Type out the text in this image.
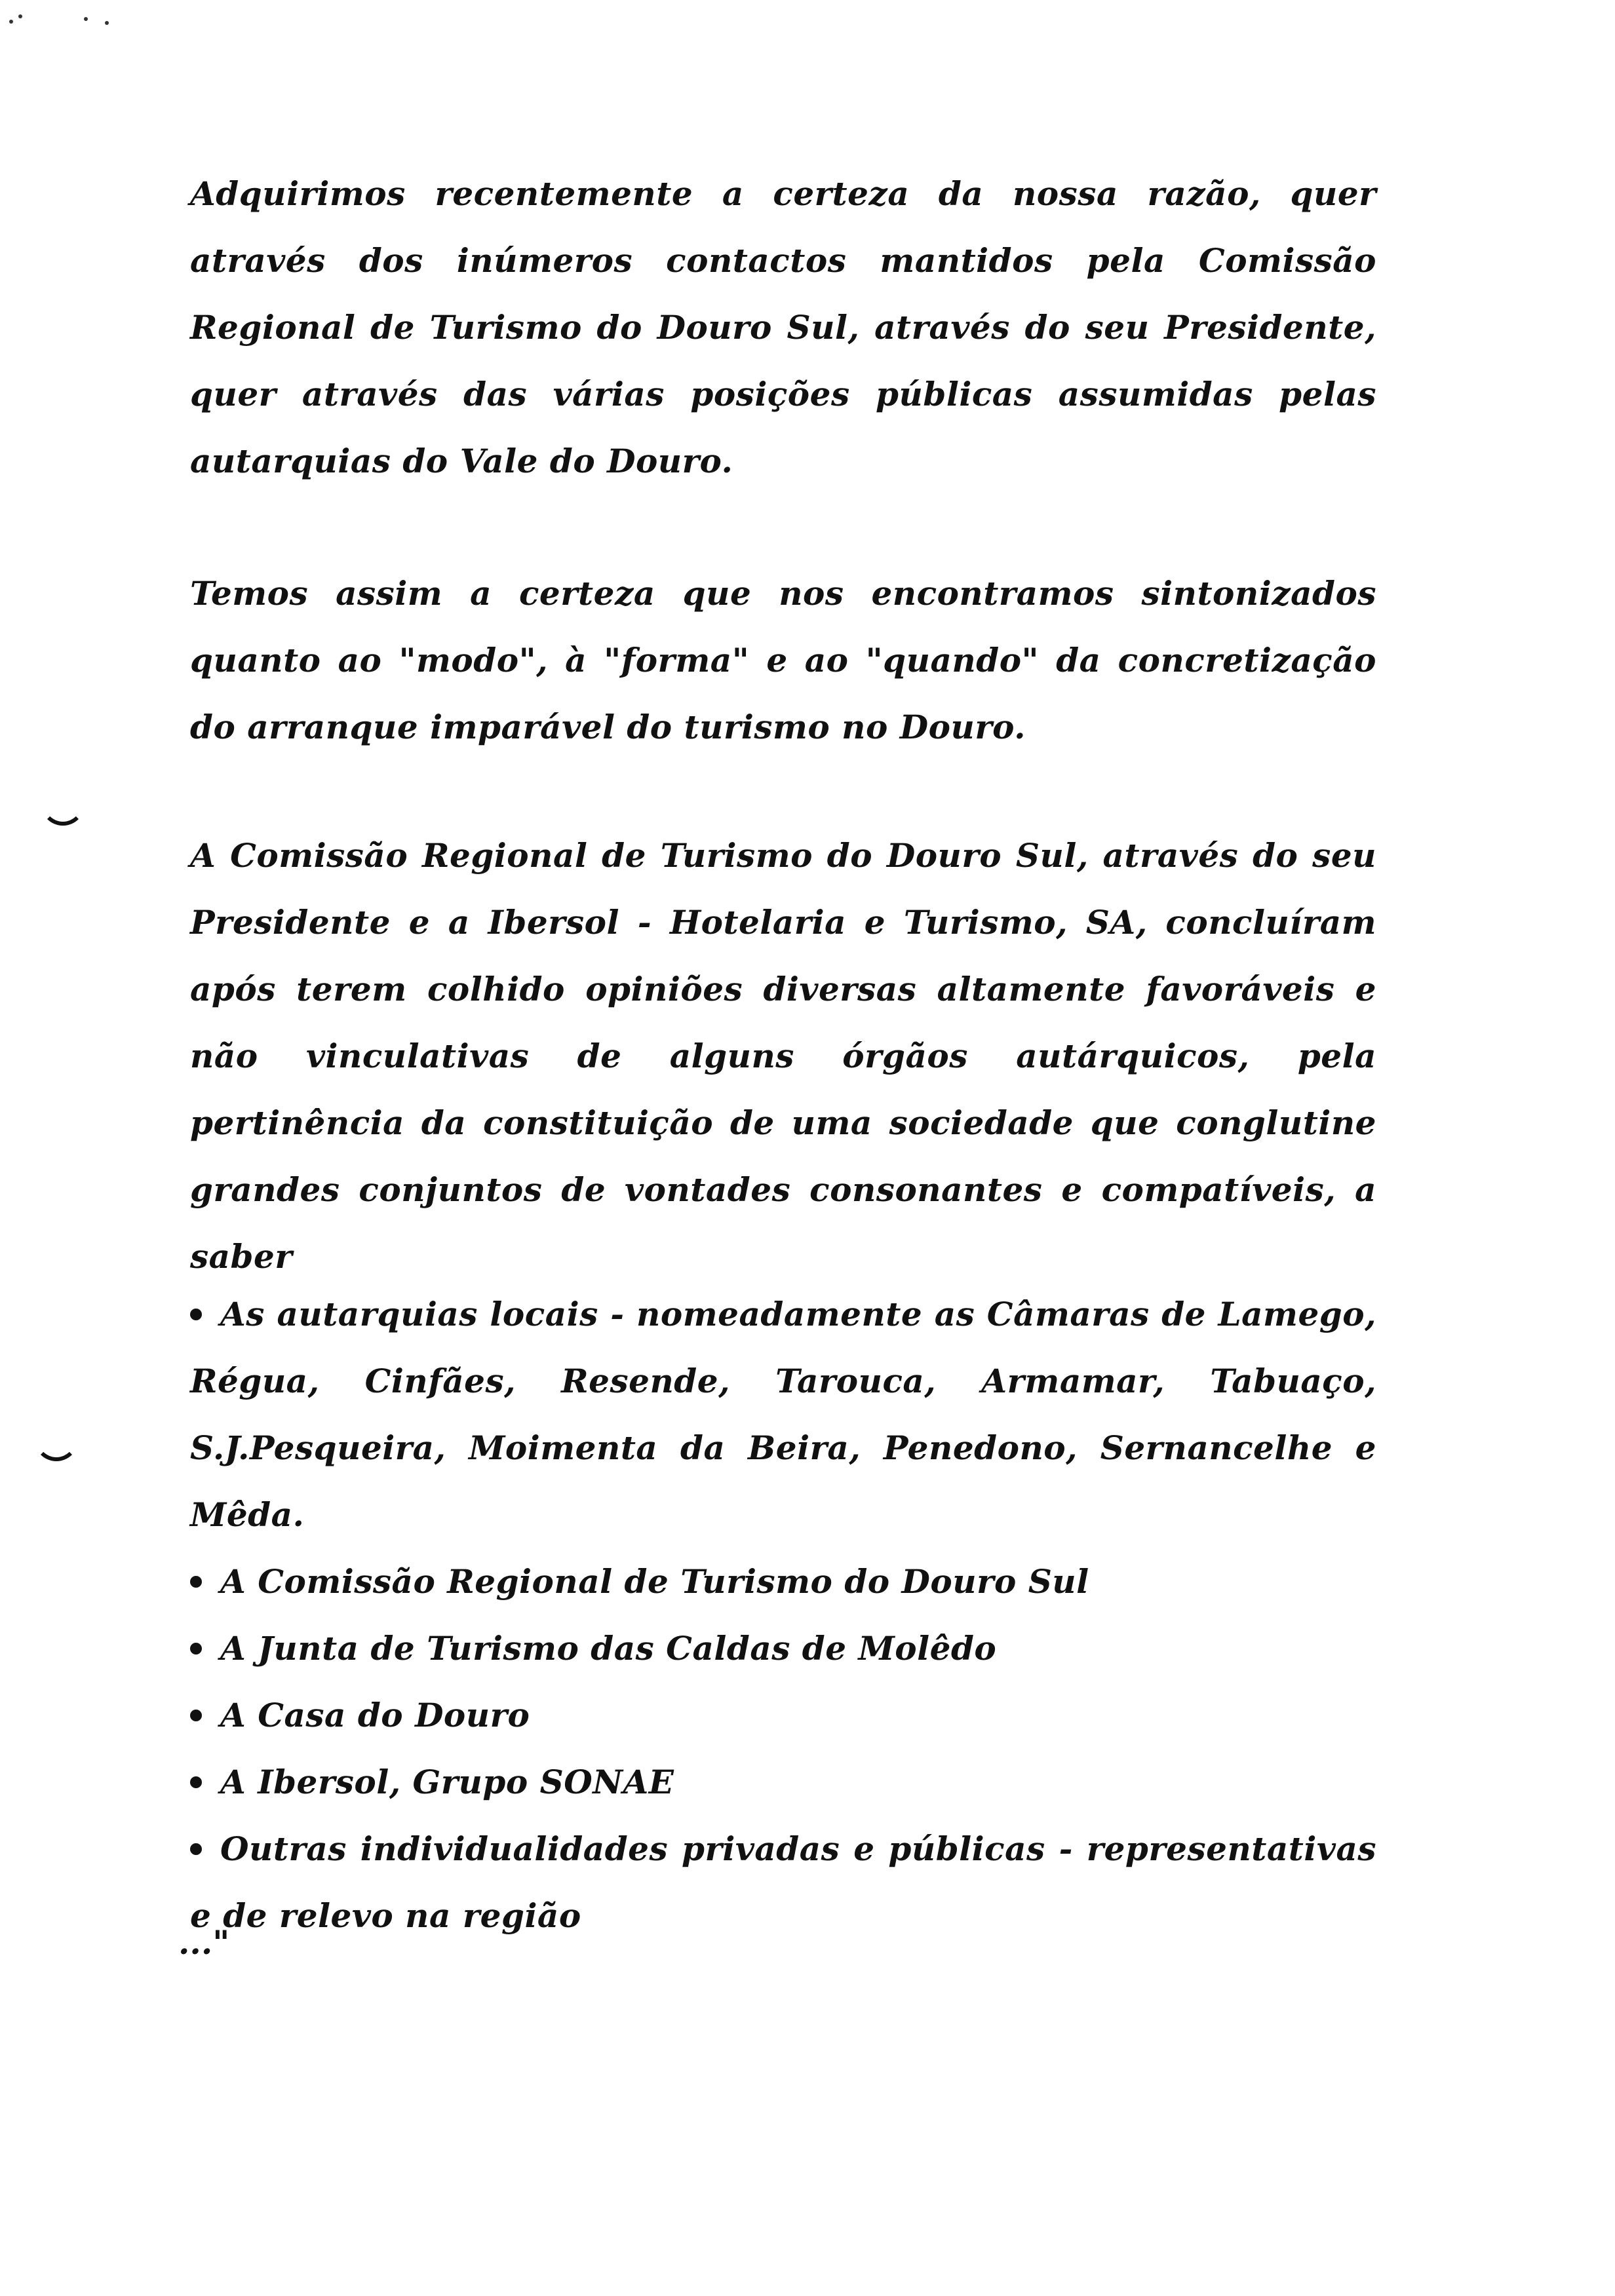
Adquirimos recentemente a certeza da nossa razão, quer através dos inúmeros contactos mantidos pela Comissão Regional de Turismo do Douro Sul, através do seu Presidente, quer através das várias posições públicas assumidas pelas autarquias do Vale do Douro.

Temos assim a certeza que nos encontramos sintonizados quanto ao "modo", à "forma" e ao "quando" da concretização do arranque imparável do turismo no Douro.

A Comissão Regional de Turismo do Douro Sul, através do seu Presidente e a Ibersol - Hotelaria e Turismo, SA, concluíram após terem colhido opiniões diversas altamente favoráveis e não vinculativas de alguns órgãos autárquicos, pela pertinência da constituição de uma sociedade que conglutine grandes conjuntos de vontades consonantes e compatíveis, a saber

As autarquias locais - nomeadamente as Câmaras de Lamego, Régua, Cinfães, Resende, Tarouca, Armamar, Tabuaço, S.J.Pesqueira, Moimenta da Beira, Penedono, Sernancelhe e Mêda.
A Comissão Regional de Turismo do Douro Sul
A Junta de Turismo das Caldas de Molêdo
A Casa do Douro
A Ibersol, Grupo SONAE
Outras individualidades privadas e públicas - representativas e de relevo na região
..."
